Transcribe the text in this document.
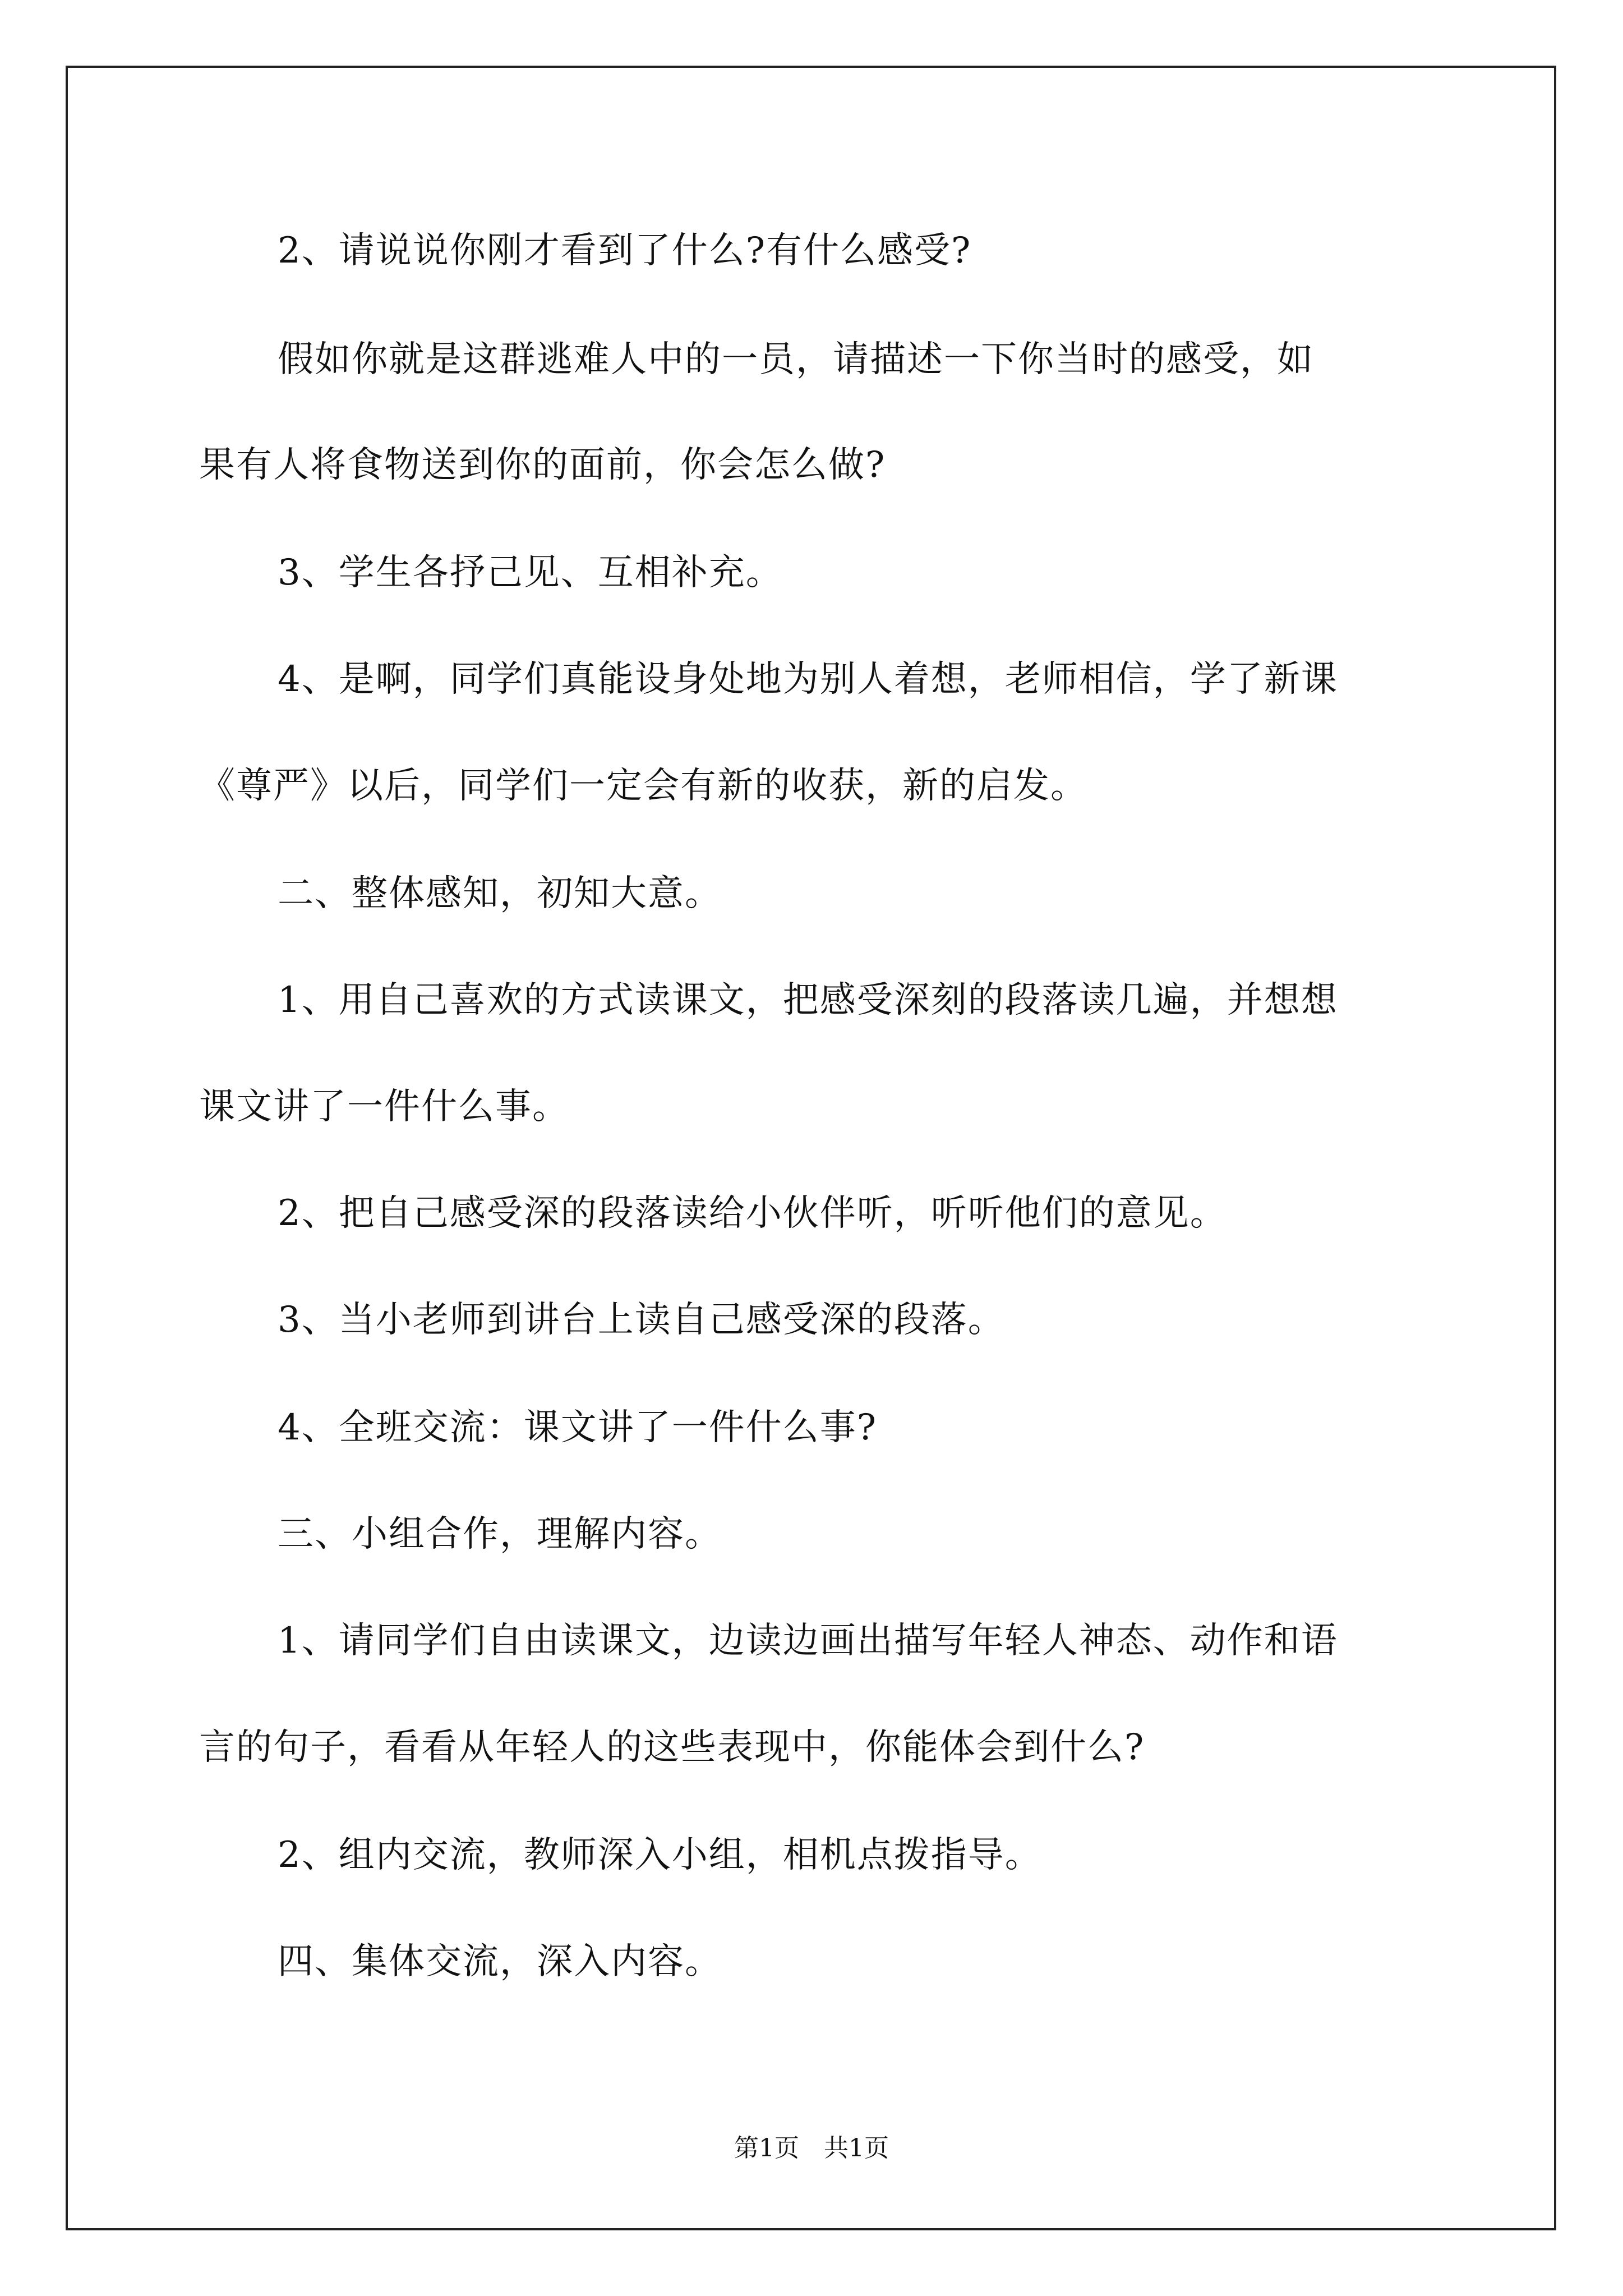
2、请说说你刚才看到了什么?有什么感受?
假如你就是这群逃难人中的一员，请描述一下你当时的感受，如
果有人将食物送到你的面前，你会怎么做?
3、学生各抒己见、互相补充。
4、是啊，同学们真能设身处地为别人着想，老师相信，学了新课
《尊严》以后，同学们一定会有新的收获，新的启发。
二、整体感知，初知大意。
1、用自己喜欢的方式读课文，把感受深刻的段落读几遍，并想想
课文讲了一件什么事。
2、把自己感受深的段落读给小伙伴听，听听他们的意见。
3、当小老师到讲台上读自己感受深的段落。
4、全班交流：课文讲了一件什么事?
三、小组合作，理解内容。
1、请同学们自由读课文，边读边画出描写年轻人神态、动作和语
言的句子，看看从年轻人的这些表现中，你能体会到什么?
2、组内交流，教师深入小组，相机点拨指导。
四、集体交流，深入内容。
第1页　共1页
